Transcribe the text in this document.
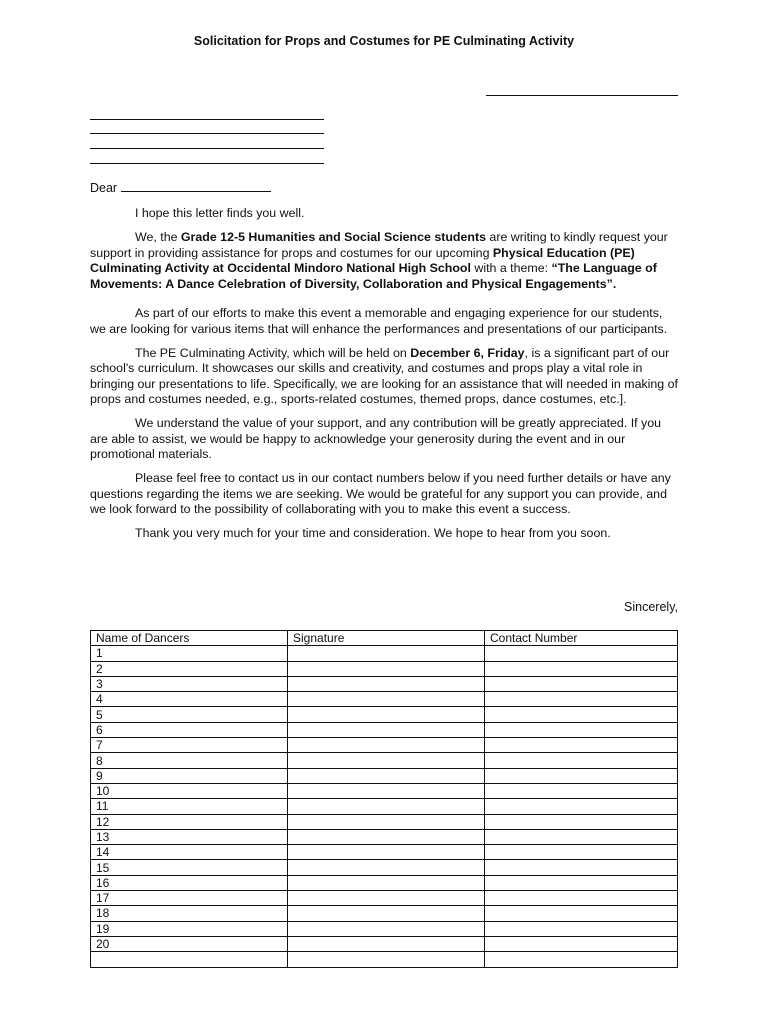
Solicitation for Props and Costumes for PE Culminating Activity
Dear

I hope this letter finds you well.

We, the Grade 12-5 Humanities and Social Science students are writing to kindly request your support in providing assistance for props and costumes for our upcoming Physical Education (PE) Culminating Activity at Occidental Mindoro National High School with a theme: “The Language of Movements: A Dance Celebration of Diversity, Collaboration and Physical Engagements”.

As part of our efforts to make this event a memorable and engaging experience for our students, we are looking for various items that will enhance the performances and presentations of our participants.

The PE Culminating Activity, which will be held on December 6, Friday, is a significant part of our school's curriculum. It showcases our skills and creativity, and costumes and props play a vital role in bringing our presentations to life. Specifically, we are looking for an assistance that will needed in making of props and costumes needed, e.g., sports-related costumes, themed props, dance costumes, etc.].

We understand the value of your support, and any contribution will be greatly appreciated. If you are able to assist, we would be happy to acknowledge your generosity during the event and in our promotional materials.

Please feel free to contact us in our contact numbers below if you need further details or have any questions regarding the items we are seeking. We would be grateful for any support you can provide, and we look forward to the possibility of collaborating with you to make this event a success.

Thank you very much for your time and consideration. We hope to hear from you soon.

Sincerely,
Name of Dancers	Signature	Contact Number
1		
2		
3		
4		
5		
6		
7		
8		
9		
10		
11		
12		
13		
14		
15		
16		
17		
18		
19		
20		
